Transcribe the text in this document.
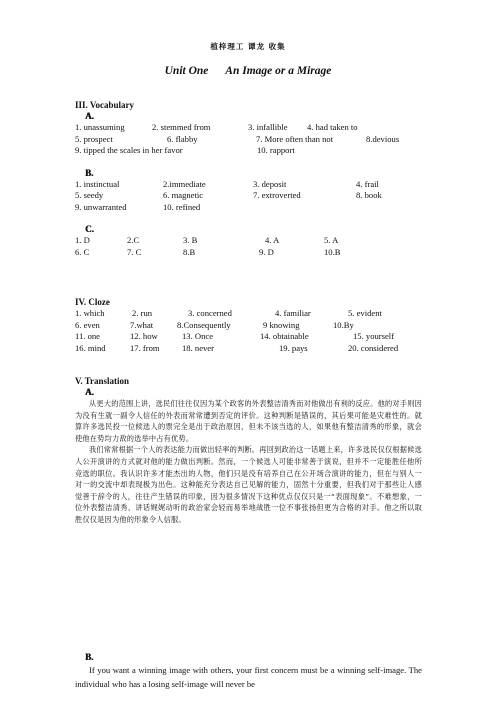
植梓理工 谭龙 收集
Unit One An Image or a Mirage
III. Vocabulary
A.
1. unassuming	2. stemmed from	3. infallible	4. had taken to
5. prospect	6. flabby	7. More often than not	8.devious
9. tipped the scales in her favor	10. rapport
B.
1. instinctual	2.immediate	3. deposit	4. frail
5. seedy	6. magnetic	7. extroverted	8. book
9. unwarranted	10. refined
C.
1. D	2.C	3. B	4. A	5. A
6. C	7. C	8.B	9. D	10.B
IV. Cloze
1. which	2. run	3. concerned	4. familiar	5. evident
6. even	7.what	8.Consequently	9 knowing	10.By
11. one	12. how	13. Once	14. obtainable	15. yourself
16. mind	17. from	18. never	19. pays	20. considered
V. Translation
A.

从更大的范围上讲，选民们往往仅因为某个政客的外表整洁清秀而对他做出有利的反应。他的对手则因为没有生就一副令人信任的外表而常常遭到否定的评价。这种判断是错误的，其后果可能是灾难性的。就算许多选民投一位候选人的票完全是出于政治原因，但未不该当选的人，如果他有整洁清秀的形象，就会使他在势均力敌的选举中占有优势。

我们常常根据一个人的表达能力而做出轻率的判断。再回到政治这一话题上来，许多选民仅仅根据候选人公开演讲的方式就对他的能力做出判断。然而，一个候选人可能非常善于演说，但并不一定能胜任他所竞选的职位。我认识许多才能杰出的人物，他们只是没有培养自己在公开场合演讲的能力，但在与别人一对一的交流中却表现极为出色。这种能充分表达自己见解的能力，固然十分重要，但我们对于那些让人感觉善于辞令的人，往往产生错误的印象，因为很多情况下这种优点仅仅只是一“表面现象”。不难想象，一位外表整洁清秀、讲话娓娓动听的政治家会轻而易举地战胜一位不事张扬但更为合格的对手。他之所以取胜仅仅是因为他的形象令人信服。

B.

If you want a winning image with others, your first concern must be a winning self-image. The individual who has a losing self-image will never be
